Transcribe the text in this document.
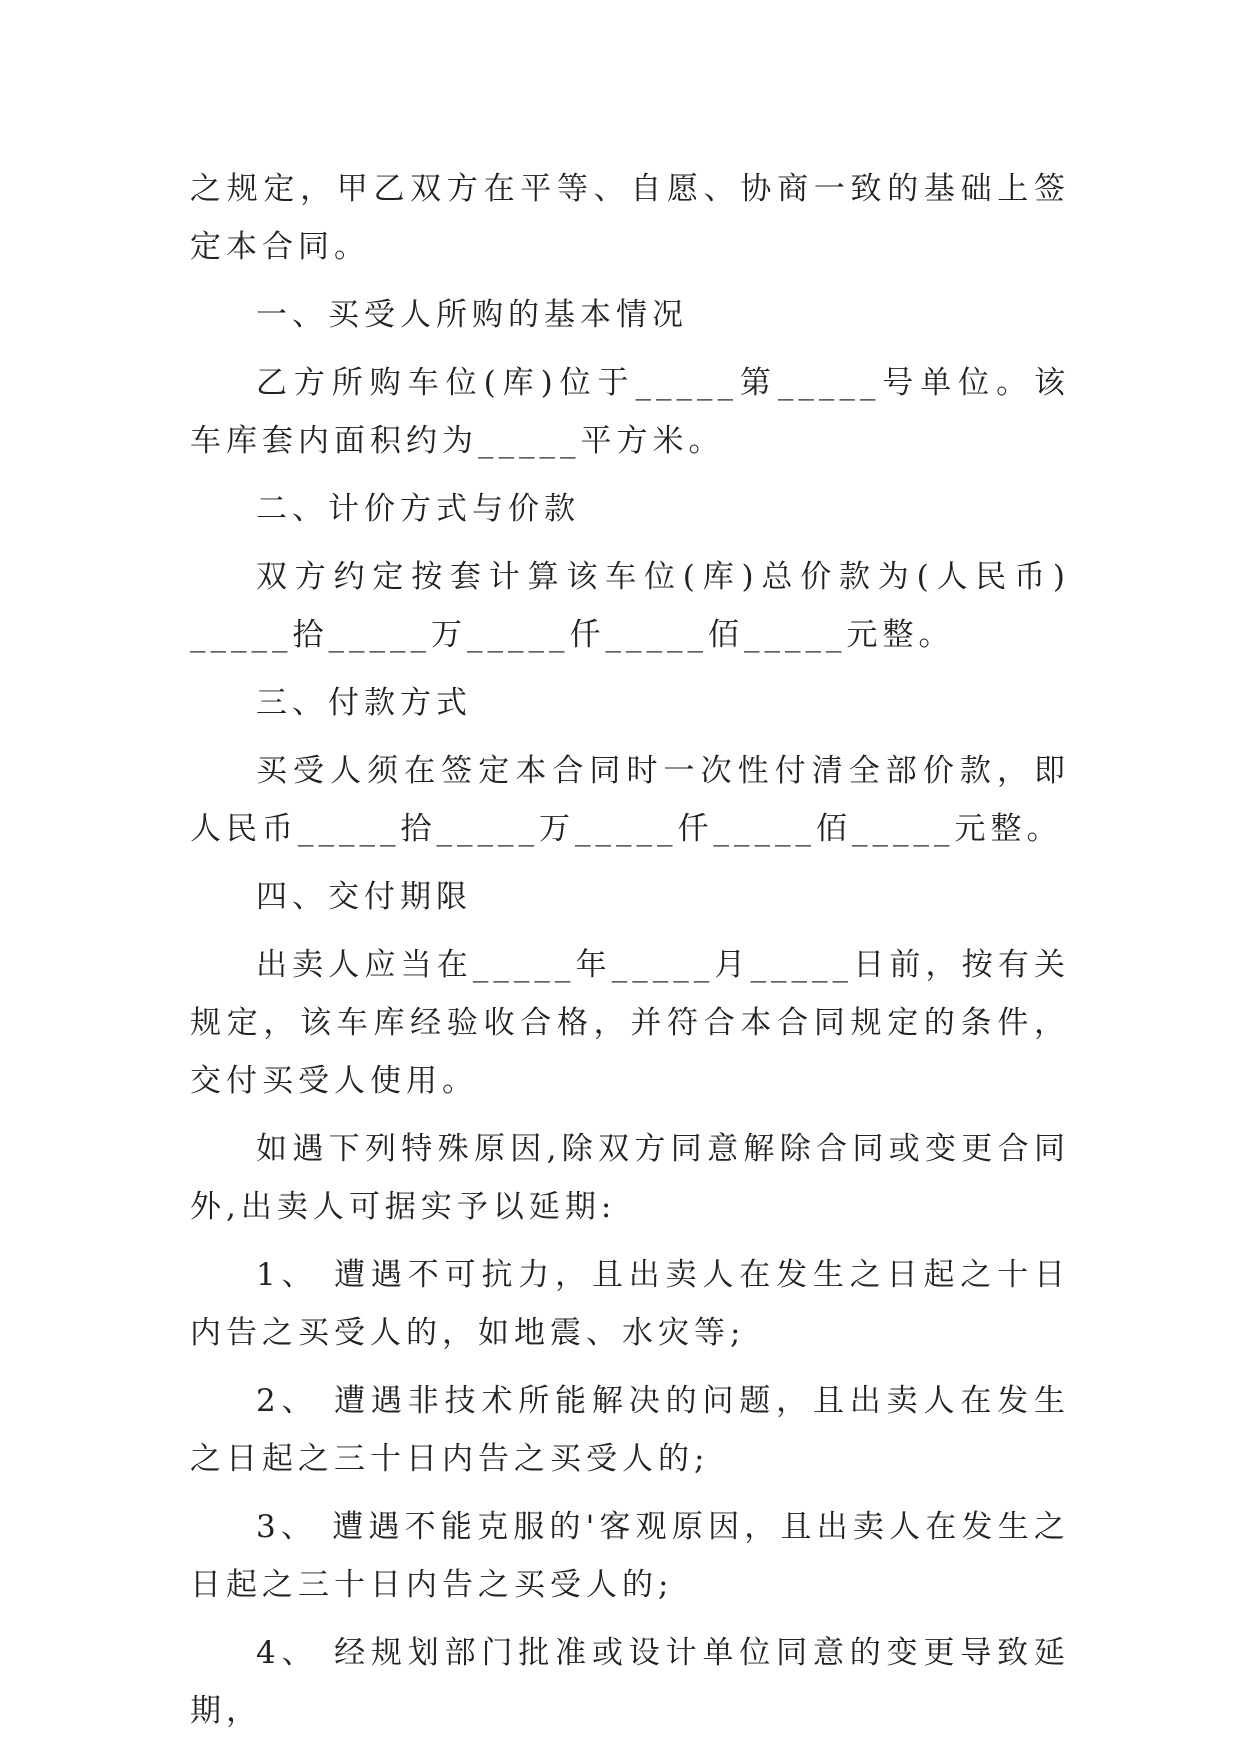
之规定，甲乙双方在平等、自愿、协商一致的基础上签定本合同。

一、买受人所购的基本情况

乙方所购车位(库)位于_____第_____号单位。该车库套内面积约为_____平方米。

二、计价方式与价款

双方约定按套计算该车位(库)总价款为(人民币) _____拾_____万_____仟_____佰_____元整。

三、付款方式

买受人须在签定本合同时一次性付清全部价款，即人民币_____拾_____万_____仟_____佰_____元整。

四、交付期限

出卖人应当在_____年_____月_____日前，按有关规定，该车库经验收合格，并符合本合同规定的条件，交付买受人使用。

如遇下列特殊原因,除双方同意解除合同或变更合同外,出卖人可据实予以延期:

1、 遭遇不可抗力，且出卖人在发生之日起之十日内告之买受人的，如地震、水灾等;

2、 遭遇非技术所能解决的问题，且出卖人在发生之日起之三十日内告之买受人的;

3、 遭遇不能克服的'客观原因，且出卖人在发生之日起之三十日内告之买受人的;

4、 经规划部门批准或设计单位同意的变更导致延期，
